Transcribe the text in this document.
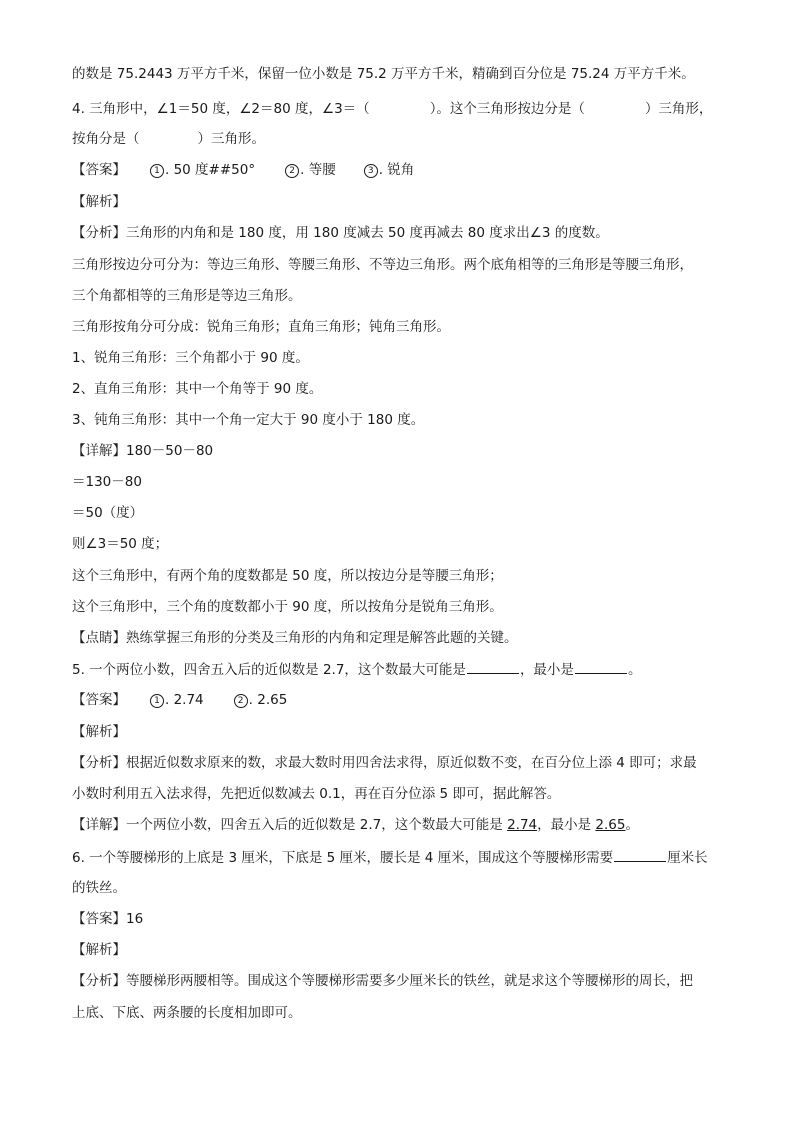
的数是 75.2443 万平方千米，保留一位小数是 75.2 万平方千米，精确到百分位是 75.24 万平方千米。
4. 三角形中，∠1＝50 度，∠2＝80 度，∠3＝（	）。这个三角形按边分是（	）三角形，
按角分是（	）三角形。
【答案】	1 . 50 度##50°	2 . 等腰	3 . 锐角
【解析】
【分析】三角形的内角和是 180 度，用 180 度减去 50 度再减去 80 度求出∠3 的度数。
三角形按边分可分为：等边三角形、等腰三角形、不等边三角形。两个底角相等的三角形是等腰三角形，
三个角都相等的三角形是等边三角形。
三角形按角分可分成：锐角三角形；直角三角形；钝角三角形。
1、锐角三角形：三个角都小于 90 度。
2、直角三角形：其中一个角等于 90 度。
3、钝角三角形：其中一个角一定大于 90 度小于 180 度。
【详解】180－50－80
＝130－80
＝50（度）
则∠3＝50 度；
这个三角形中，有两个角的度数都是 50 度，所以按边分是等腰三角形；
这个三角形中，三个角的度数都小于 90 度，所以按角分是锐角三角形。
【点睛】熟练掌握三角形的分类及三角形的内角和定理是解答此题的关键。
5. 一个两位小数，四舍五入后的近似数是 2.7，这个数最大可能是	，最小是	。
【答案】	1 . 2.74	2 . 2.65
【解析】
【分析】根据近似数求原来的数，求最大数时用四舍法求得，原近似数不变，在百分位上添 4 即可；求最
小数时利用五入法求得，先把近似数减去 0.1，再在百分位添 5 即可，据此解答。
【详解】一个两位小数，四舍五入后的近似数是 2.7，这个数最大可能是 2.74，最小是 2.65。
6. 一个等腰梯形的上底是 3 厘米，下底是 5 厘米，腰长是 4 厘米，围成这个等腰梯形需要	厘米长
的铁丝。
【答案】16
【解析】
【分析】等腰梯形两腰相等。围成这个等腰梯形需要多少厘米长的铁丝，就是求这个等腰梯形的周长，把
上底、下底、两条腰的长度相加即可。
